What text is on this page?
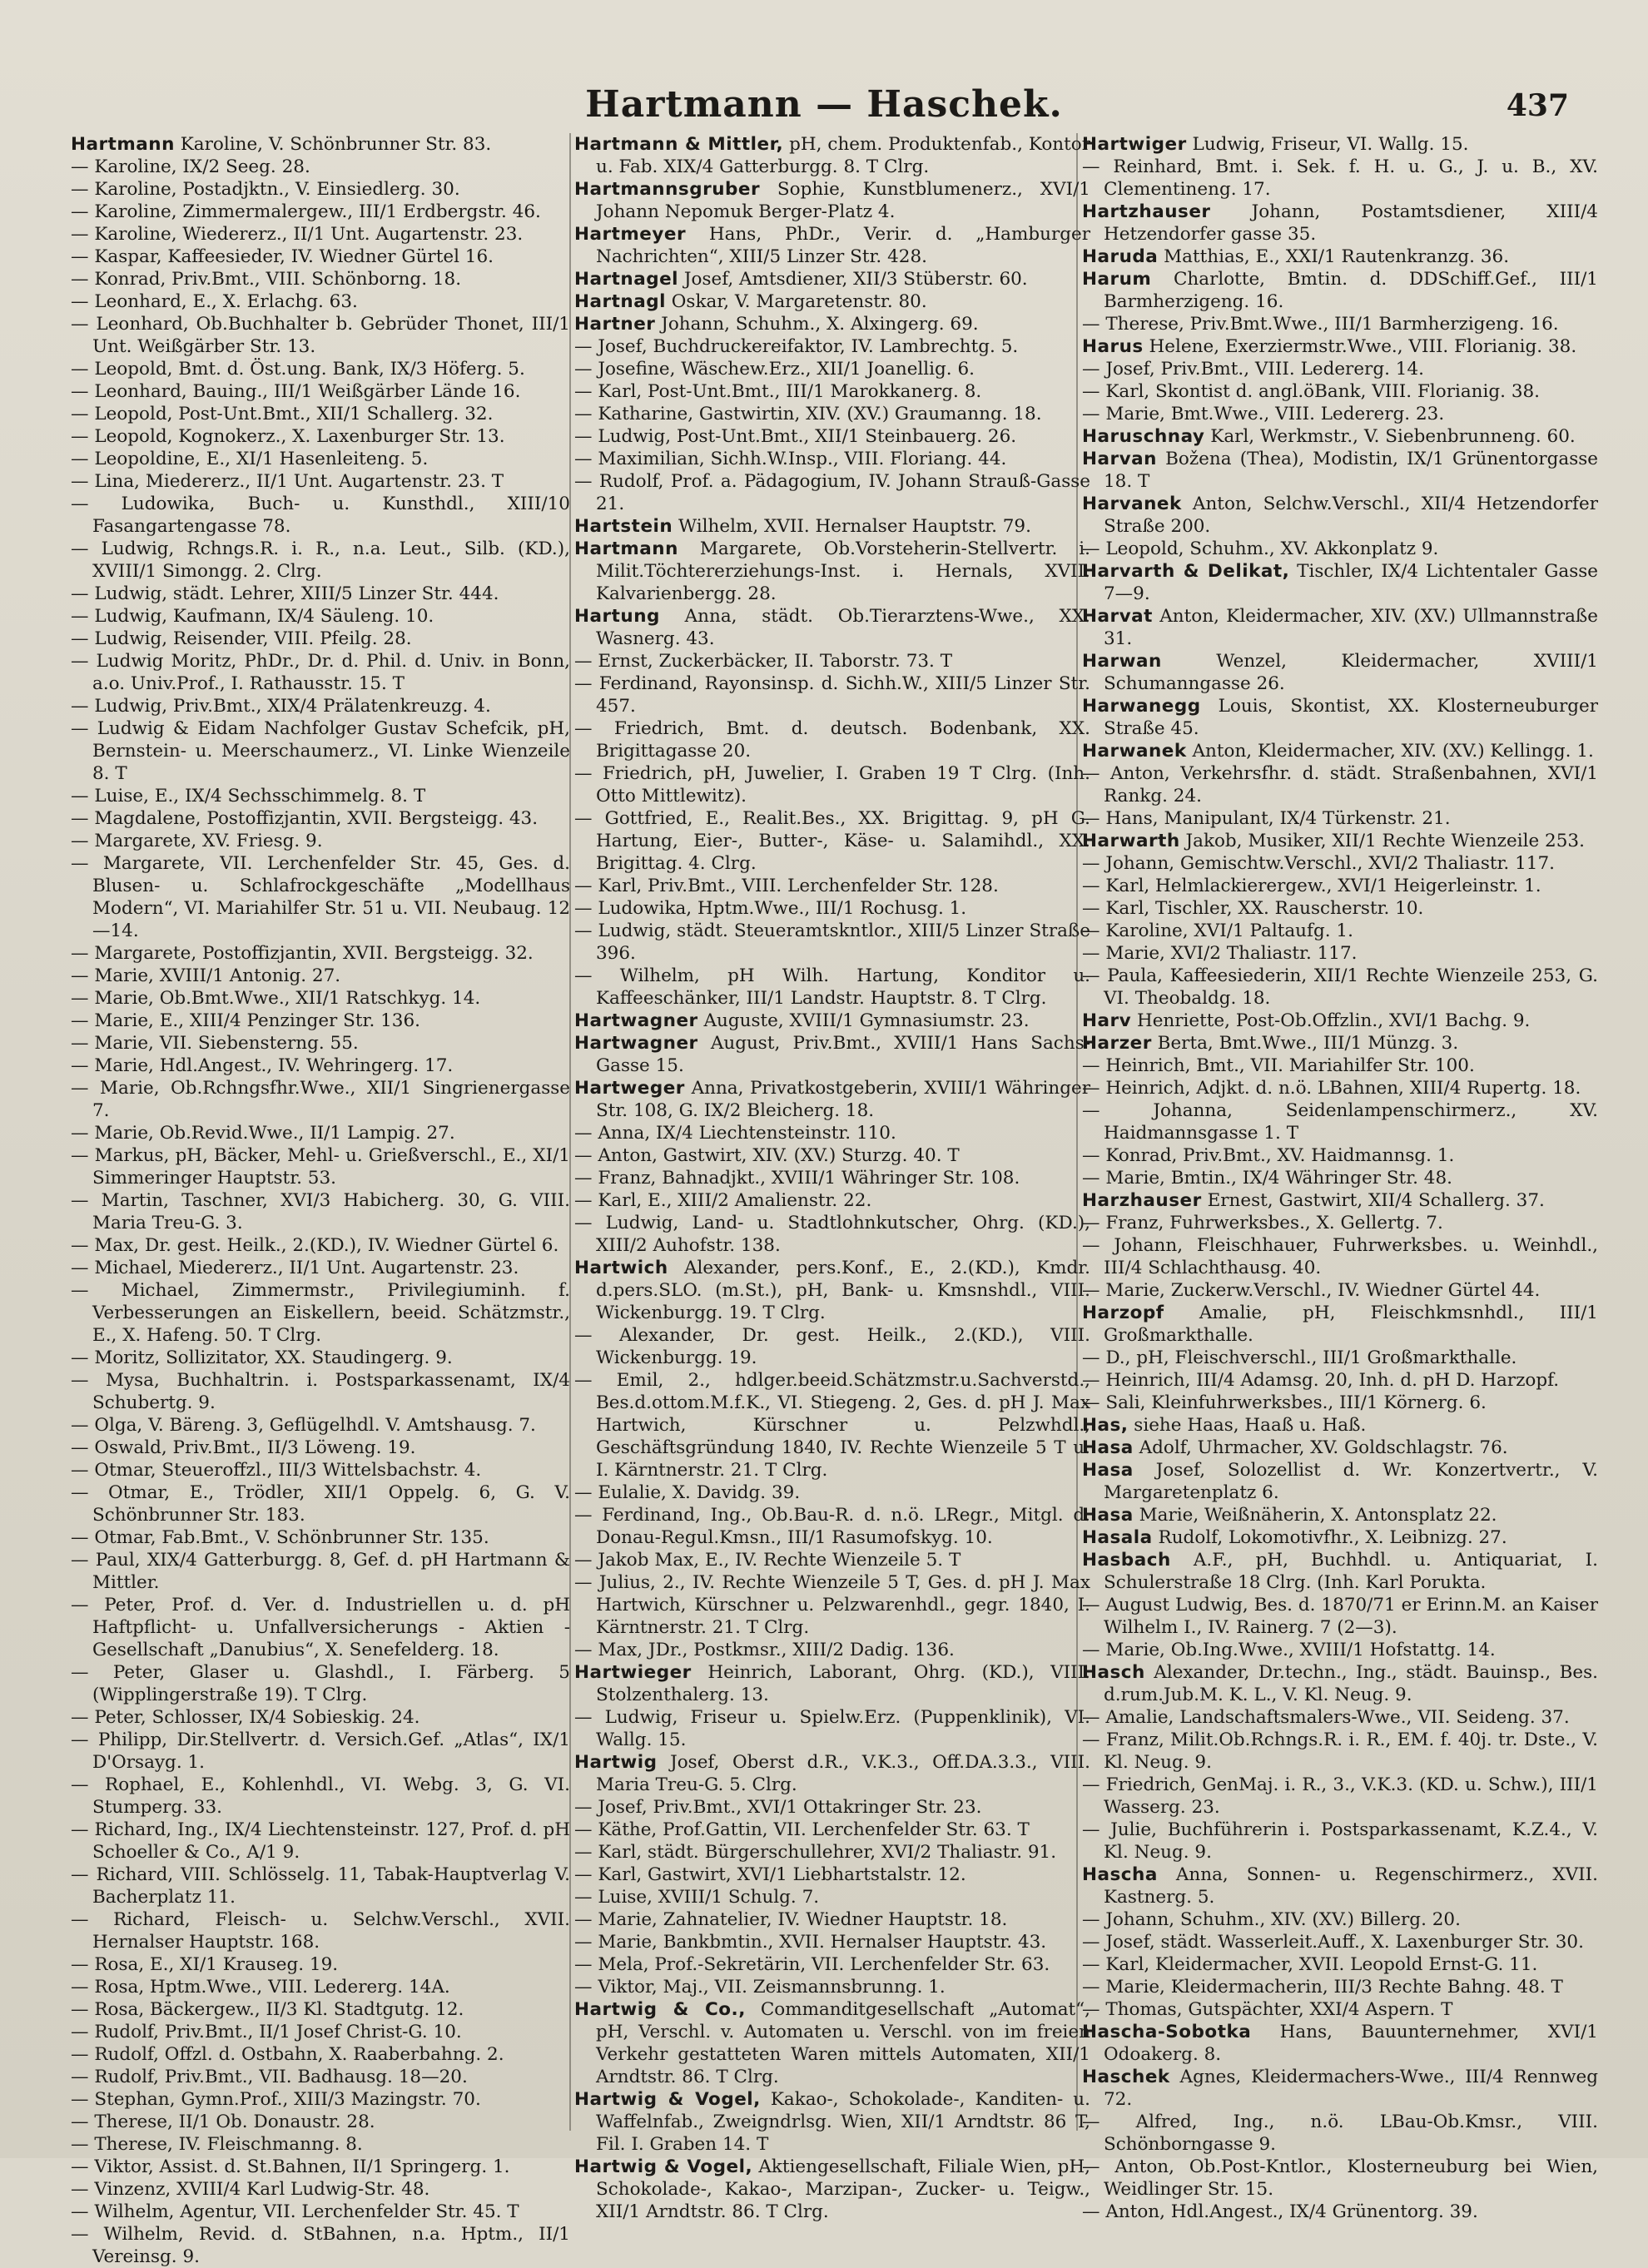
Hartmann — Haschek.	437

Hartmann Karoline, V. Schönbrunner Str. 83.

— Karoline, IX/2 Seeg. 28.

— Karoline, Postadjktn., V. Einsiedlerg. 30.

— Karoline, Zimmermalergew., III/1 Erdbergstr. 46.

— Karoline, Wiedererz., II/1 Unt. Augartenstr. 23.

— Kaspar, Kaffeesieder, IV. Wiedner Gürtel 16.

— Konrad, Priv.Bmt., VIII. Schönborng. 18.

— Leonhard, E., X. Erlachg. 63.

— Leonhard, Ob.Buchhalter b. Gebrüder Thonet, III/1 Unt. Weißgärber Str. 13.

— Leopold, Bmt. d. Öst.ung. Bank, IX/3 Höferg. 5.

— Leonhard, Bauing., III/1 Weißgärber Lände 16.

— Leopold, Post-Unt.Bmt., XII/1 Schallerg. 32.

— Leopold, Kognokerz., X. Laxenburger Str. 13.

— Leopoldine, E., XI/1 Hasenleiteng. 5.

— Lina, Miedererz., II/1 Unt. Augartenstr. 23. T

— Ludowika, Buch- u. Kunsthdl., XIII/10 Fasangartengasse 78.

— Ludwig, Rchngs.R. i. R., n.a. Leut., Silb. (KD.), XVIII/1 Simongg. 2. Clrg.

— Ludwig, städt. Lehrer, XIII/5 Linzer Str. 444.

— Ludwig, Kaufmann, IX/4 Säuleng. 10.

— Ludwig, Reisender, VIII. Pfeilg. 28.

— Ludwig Moritz, PhDr., Dr. d. Phil. d. Univ. in Bonn, a.o. Univ.Prof., I. Rathausstr. 15. T

— Ludwig, Priv.Bmt., XIX/4 Prälatenkreuzg. 4.

— Ludwig & Eidam Nachfolger Gustav Schefcik, pH, Bernstein- u. Meerschaumerz., VI. Linke Wienzeile 8. T

— Luise, E., IX/4 Sechsschimmelg. 8. T

— Magdalene, Postoffizjantin, XVII. Bergsteigg. 43.

— Margarete, XV. Friesg. 9.

— Margarete, VII. Lerchenfelder Str. 45, Ges. d. Blusen- u. Schlafrockgeschäfte „Modellhaus Modern“, VI. Mariahilfer Str. 51 u. VII. Neubaug. 12—14.

— Margarete, Postoffizjantin, XVII. Bergsteigg. 32.

— Marie, XVIII/1 Antonig. 27.

— Marie, Ob.Bmt.Wwe., XII/1 Ratschkyg. 14.

— Marie, E., XIII/4 Penzinger Str. 136.

— Marie, VII. Siebensterng. 55.

— Marie, Hdl.Angest., IV. Wehringerg. 17.

— Marie, Ob.Rchngsfhr.Wwe., XII/1 Singrienergasse 7.

— Marie, Ob.Revid.Wwe., II/1 Lampig. 27.

— Markus, pH, Bäcker, Mehl- u. Grießverschl., E., XI/1 Simmeringer Hauptstr. 53.

— Martin, Taschner, XVI/3 Habicherg. 30, G. VIII. Maria Treu-G. 3.

— Max, Dr. gest. Heilk., 2.(KD.), IV. Wiedner Gürtel 6.

— Michael, Miedererz., II/1 Unt. Augartenstr. 23.

— Michael, Zimmermstr., Privilegiuminh. f. Verbesserungen an Eiskellern, beeid. Schätzmstr., E., X. Hafeng. 50. T Clrg.

— Moritz, Sollizitator, XX. Staudingerg. 9.

— Mysa, Buchhaltrin. i. Postsparkassenamt, IX/4 Schubertg. 9.

— Olga, V. Bäreng. 3, Geflügelhdl. V. Amtshausg. 7.

— Oswald, Priv.Bmt., II/3 Löweng. 19.

— Otmar, Steueroffzl., III/3 Wittelsbachstr. 4.

— Otmar, E., Trödler, XII/1 Oppelg. 6, G. V. Schönbrunner Str. 183.

— Otmar, Fab.Bmt., V. Schönbrunner Str. 135.

— Paul, XIX/4 Gatterburgg. 8, Gef. d. pH Hartmann & Mittler.

— Peter, Prof. d. Ver. d. Industriellen u. d. pH Haftpflicht- u. Unfallversicherungs - Aktien - Gesellschaft „Danubius“, X. Senefelderg. 18.

— Peter, Glaser u. Glashdl., I. Färberg. 5 (Wipplingerstraße 19). T Clrg.

— Peter, Schlosser, IX/4 Sobieskig. 24.

— Philipp, Dir.Stellvertr. d. Versich.Gef. „Atlas“, IX/1 D'Orsayg. 1.

— Rophael, E., Kohlenhdl., VI. Webg. 3, G. VI. Stumperg. 33.

— Richard, Ing., IX/4 Liechtensteinstr. 127, Prof. d. pH Schoeller & Co., A/1 9.

— Richard, VIII. Schlösselg. 11, Tabak-Hauptverlag V. Bacherplatz 11.

— Richard, Fleisch- u. Selchw.Verschl., XVII. Hernalser Hauptstr. 168.

— Rosa, E., XI/1 Krauseg. 19.

— Rosa, Hptm.Wwe., VIII. Ledererg. 14A.

— Rosa, Bäckergew., II/3 Kl. Stadtgutg. 12.

— Rudolf, Priv.Bmt., II/1 Josef Christ-G. 10.

— Rudolf, Offzl. d. Ostbahn, X. Raaberbahng. 2.

— Rudolf, Priv.Bmt., VII. Badhausg. 18—20.

— Stephan, Gymn.Prof., XIII/3 Mazingstr. 70.

— Therese, II/1 Ob. Donaustr. 28.

— Therese, IV. Fleischmanng. 8.

— Viktor, Assist. d. St.Bahnen, II/1 Springerg. 1.

— Vinzenz, XVIII/4 Karl Ludwig-Str. 48.

— Wilhelm, Agentur, VII. Lerchenfelder Str. 45. T

— Wilhelm, Revid. d. StBahnen, n.a. Hptm., II/1 Vereinsg. 9.

Hartmann & Mittler, pH, chem. Produktenfab., Kontor u. Fab. XIX/4 Gatterburgg. 8. T Clrg.

Hartmannsgruber Sophie, Kunstblumenerz., XVI/1 Johann Nepomuk Berger-Platz 4.

Hartmeyer Hans, PhDr., Verir. d. „Hamburger Nachrichten“, XIII/5 Linzer Str. 428.

Hartnagel Josef, Amtsdiener, XII/3 Stüberstr. 60.

Hartnagl Oskar, V. Margaretenstr. 80.

Hartner Johann, Schuhm., X. Alxingerg. 69.

— Josef, Buchdruckereifaktor, IV. Lambrechtg. 5.

— Josefine, Wäschew.Erz., XII/1 Joanellig. 6.

— Karl, Post-Unt.Bmt., III/1 Marokkanerg. 8.

— Katharine, Gastwirtin, XIV. (XV.) Graumanng. 18.

— Ludwig, Post-Unt.Bmt., XII/1 Steinbauerg. 26.

— Maximilian, Sichh.W.Insp., VIII. Floriang. 44.

— Rudolf, Prof. a. Pädagogium, IV. Johann Strauß-Gasse 21.

Hartstein Wilhelm, XVII. Hernalser Hauptstr. 79.

Hartmann Margarete, Ob.Vorsteherin-Stellvertr. i. Milit.Töchtererziehungs-Inst. i. Hernals, XVII. Kalvarienbergg. 28.

Hartung Anna, städt. Ob.Tierarztens-Wwe., XX. Wasnerg. 43.

— Ernst, Zuckerbäcker, II. Taborstr. 73. T

— Ferdinand, Rayonsinsp. d. Sichh.W., XIII/5 Linzer Str. 457.

— Friedrich, Bmt. d. deutsch. Bodenbank, XX. Brigittagasse 20.

— Friedrich, pH, Juwelier, I. Graben 19 T Clrg. (Inh. Otto Mittlewitz).

— Gottfried, E., Realit.Bes., XX. Brigittag. 9, pH G. Hartung, Eier-, Butter-, Käse- u. Salamihdl., XX. Brigittag. 4. Clrg.

— Karl, Priv.Bmt., VIII. Lerchenfelder Str. 128.

— Ludowika, Hptm.Wwe., III/1 Rochusg. 1.

— Ludwig, städt. Steueramtskntlor., XIII/5 Linzer Straße 396.

— Wilhelm, pH Wilh. Hartung, Konditor u. Kaffeeschänker, III/1 Landstr. Hauptstr. 8. T Clrg.

Hartwagner Auguste, XVIII/1 Gymnasiumstr. 23.

Hartwagner August, Priv.Bmt., XVIII/1 Hans Sachs-Gasse 15.

Hartweger Anna, Privatkostgeberin, XVIII/1 Währinger Str. 108, G. IX/2 Bleicherg. 18.

— Anna, IX/4 Liechtensteinstr. 110.

— Anton, Gastwirt, XIV. (XV.) Sturzg. 40. T

— Franz, Bahnadjkt., XVIII/1 Währinger Str. 108.

— Karl, E., XIII/2 Amalienstr. 22.

— Ludwig, Land- u. Stadtlohnkutscher, Ohrg. (KD.), XIII/2 Auhofstr. 138.

Hartwich Alexander, pers.Konf., E., 2.(KD.), Kmdr. d.pers.SLO. (m.St.), pH, Bank- u. Kmsnshdl., VIII. Wickenburgg. 19. T Clrg.

— Alexander, Dr. gest. Heilk., 2.(KD.), VIII. Wickenburgg. 19.

— Emil, 2., hdlger.beeid.Schätzmstr.u.Sachverstd., Bes.d.ottom.M.f.K., VI. Stiegeng. 2, Ges. d. pH J. Max Hartwich, Kürschner u. Pelzwhdl., Geschäftsgründung 1840, IV. Rechte Wienzeile 5 T u. I. Kärntnerstr. 21. T Clrg.

— Eulalie, X. Davidg. 39.

— Ferdinand, Ing., Ob.Bau-R. d. n.ö. LRegr., Mitgl. d. Donau-Regul.Kmsn., III/1 Rasumofskyg. 10.

— Jakob Max, E., IV. Rechte Wienzeile 5. T

— Julius, 2., IV. Rechte Wienzeile 5 T, Ges. d. pH J. Max Hartwich, Kürschner u. Pelzwarenhdl., gegr. 1840, I. Kärntnerstr. 21. T Clrg.

— Max, JDr., Postkmsr., XIII/2 Dadig. 136.

Hartwieger Heinrich, Laborant, Ohrg. (KD.), VIII. Stolzenthalerg. 13.

— Ludwig, Friseur u. Spielw.Erz. (Puppenklinik), VI. Wallg. 15.

Hartwig Josef, Oberst d.R., V.K.3., Off.DA.3.3., VIII. Maria Treu-G. 5. Clrg.

— Josef, Priv.Bmt., XVI/1 Ottakringer Str. 23.

— Käthe, Prof.Gattin, VII. Lerchenfelder Str. 63. T

— Karl, städt. Bürgerschullehrer, XVI/2 Thaliastr. 91.

— Karl, Gastwirt, XVI/1 Liebhartstalstr. 12.

— Luise, XVIII/1 Schulg. 7.

— Marie, Zahnatelier, IV. Wiedner Hauptstr. 18.

— Marie, Bankbmtin., XVII. Hernalser Hauptstr. 43.

— Mela, Prof.-Sekretärin, VII. Lerchenfelder Str. 63.

— Viktor, Maj., VII. Zeismannsbrunng. 1.

Hartwig & Co., Commanditgesellschaft „Automat“, pH, Verschl. v. Automaten u. Verschl. von im freien Verkehr gestatteten Waren mittels Automaten, XII/1 Arndtstr. 86. T Clrg.

Hartwig & Vogel, Kakao-, Schokolade-, Kanditen- u. Waffelnfab., Zweigndrlsg. Wien, XII/1 Arndtstr. 86 T, Fil. I. Graben 14. T

Hartwig & Vogel, Aktiengesellschaft, Filiale Wien, pH, Schokolade-, Kakao-, Marzipan-, Zucker- u. Teigw., XII/1 Arndtstr. 86. T Clrg.

Hartwiger Ludwig, Friseur, VI. Wallg. 15.

— Reinhard, Bmt. i. Sek. f. H. u. G., J. u. B., XV. Clementineng. 17.

Hartzhauser Johann, Postamtsdiener, XIII/4 Hetzendorfer gasse 35.

Haruda Matthias, E., XXI/1 Rautenkranzg. 36.

Harum Charlotte, Bmtin. d. DDSchiff.Gef., III/1 Barmherzigeng. 16.

— Therese, Priv.Bmt.Wwe., III/1 Barmherzigeng. 16.

Harus Helene, Exerziermstr.Wwe., VIII. Florianig. 38.

— Josef, Priv.Bmt., VIII. Ledererg. 14.

— Karl, Skontist d. angl.öBank, VIII. Florianig. 38.

— Marie, Bmt.Wwe., VIII. Ledererg. 23.

Haruschnay Karl, Werkmstr., V. Siebenbrunneng. 60.

Harvan Božena (Thea), Modistin, IX/1 Grünentorgasse 18. T

Harvanek Anton, Selchw.Verschl., XII/4 Hetzendorfer Straße 200.

— Leopold, Schuhm., XV. Akkonplatz 9.

Harvarth & Delikat, Tischler, IX/4 Lichtentaler Gasse 7—9.

Harvat Anton, Kleidermacher, XIV. (XV.) Ullmannstraße 31.

Harwan Wenzel, Kleidermacher, XVIII/1 Schumanngasse 26.

Harwanegg Louis, Skontist, XX. Klosterneuburger Straße 45.

Harwanek Anton, Kleidermacher, XIV. (XV.) Kellingg. 1.

— Anton, Verkehrsfhr. d. städt. Straßenbahnen, XVI/1 Rankg. 24.

— Hans, Manipulant, IX/4 Türkenstr. 21.

Harwarth Jakob, Musiker, XII/1 Rechte Wienzeile 253.

— Johann, Gemischtw.Verschl., XVI/2 Thaliastr. 117.

— Karl, Helmlackierergew., XVI/1 Heigerleinstr. 1.

— Karl, Tischler, XX. Rauscherstr. 10.

— Karoline, XVI/1 Paltaufg. 1.

— Marie, XVI/2 Thaliastr. 117.

— Paula, Kaffeesiederin, XII/1 Rechte Wienzeile 253, G. VI. Theobaldg. 18.

Harv Henriette, Post-Ob.Offzlin., XVI/1 Bachg. 9.

Harzer Berta, Bmt.Wwe., III/1 Münzg. 3.

— Heinrich, Bmt., VII. Mariahilfer Str. 100.

— Heinrich, Adjkt. d. n.ö. LBahnen, XIII/4 Rupertg. 18.

— Johanna, Seidenlampenschirmerz., XV. Haidmannsgasse 1. T

— Konrad, Priv.Bmt., XV. Haidmannsg. 1.

— Marie, Bmtin., IX/4 Währinger Str. 48.

Harzhauser Ernest, Gastwirt, XII/4 Schallerg. 37.

— Franz, Fuhrwerksbes., X. Gellertg. 7.

— Johann, Fleischhauer, Fuhrwerksbes. u. Weinhdl., III/4 Schlachthausg. 40.

— Marie, Zuckerw.Verschl., IV. Wiedner Gürtel 44.

Harzopf Amalie, pH, Fleischkmsnhdl., III/1 Großmarkthalle.

— D., pH, Fleischverschl., III/1 Großmarkthalle.

— Heinrich, III/4 Adamsg. 20, Inh. d. pH D. Harzopf.

— Sali, Kleinfuhrwerksbes., III/1 Körnerg. 6.

Has, siehe Haas, Haaß u. Haß.

Hasa Adolf, Uhrmacher, XV. Goldschlagstr. 76.

Hasa Josef, Solozellist d. Wr. Konzertvertr., V. Margaretenplatz 6.

Hasa Marie, Weißnäherin, X. Antonsplatz 22.

Hasala Rudolf, Lokomotivfhr., X. Leibnizg. 27.

Hasbach A.F., pH, Buchhdl. u. Antiquariat, I. Schulerstraße 18 Clrg. (Inh. Karl Porukta.

— August Ludwig, Bes. d. 1870/71 er Erinn.M. an Kaiser Wilhelm I., IV. Rainerg. 7 (2—3).

— Marie, Ob.Ing.Wwe., XVIII/1 Hofstattg. 14.

Hasch Alexander, Dr.techn., Ing., städt. Bauinsp., Bes. d.rum.Jub.M. K. L., V. Kl. Neug. 9.

— Amalie, Landschaftsmalers-Wwe., VII. Seideng. 37.

— Franz, Milit.Ob.Rchngs.R. i. R., EM. f. 40j. tr. Dste., V. Kl. Neug. 9.

— Friedrich, GenMaj. i. R., 3., V.K.3. (KD. u. Schw.), III/1 Wasserg. 23.

— Julie, Buchführerin i. Postsparkassenamt, K.Z.4., V. Kl. Neug. 9.

Hascha Anna, Sonnen- u. Regenschirmerz., XVII. Kastnerg. 5.

— Johann, Schuhm., XIV. (XV.) Billerg. 20.

— Josef, städt. Wasserleit.Auff., X. Laxenburger Str. 30.

— Karl, Kleidermacher, XVII. Leopold Ernst-G. 11.

— Marie, Kleidermacherin, III/3 Rechte Bahng. 48. T

— Thomas, Gutspächter, XXI/4 Aspern. T

Hascha-Sobotka Hans, Bauunternehmer, XVI/1 Odoakerg. 8.

Haschek Agnes, Kleidermachers-Wwe., III/4 Rennweg 72.

— Alfred, Ing., n.ö. LBau-Ob.Kmsr., VIII. Schönborngasse 9.

— Anton, Ob.Post-Kntlor., Klosterneuburg bei Wien, Weidlinger Str. 15.

— Anton, Hdl.Angest., IX/4 Grünentorg. 39.
